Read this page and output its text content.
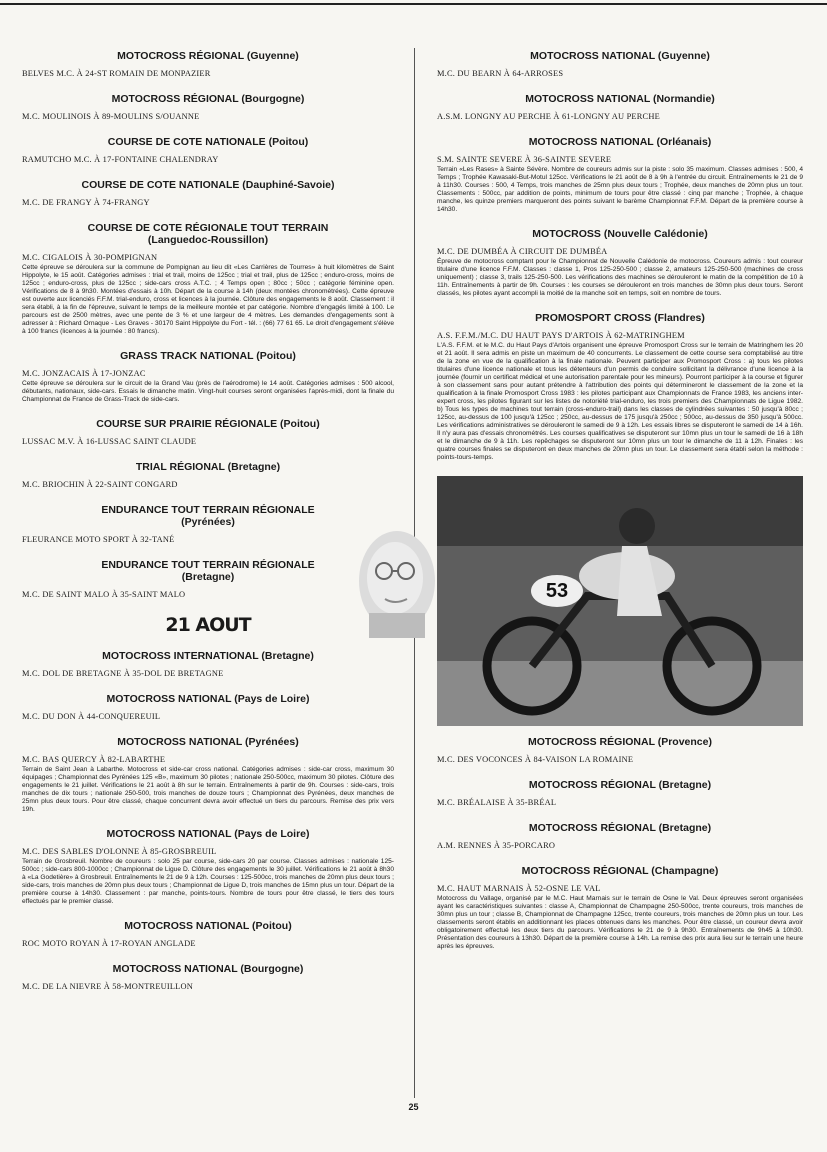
MOTOCROSS RÉGIONAL (Guyenne)
BELVES M.C. À 24-ST ROMAIN DE MONPAZIER
MOTOCROSS RÉGIONAL (Bourgogne)
M.C. MOULINOIS À 89-MOULINS S/OUANNE
COURSE DE COTE NATIONALE (Poitou)
RAMUTCHO M.C. À 17-FONTAINE CHALENDRAY
COURSE DE COTE NATIONALE (Dauphiné-Savoie)
M.C. DE FRANGY À 74-FRANGY
COURSE DE COTE RÉGIONALE TOUT TERRAIN
(Languedoc-Roussillon)
M.C. CIGALOIS À 30-POMPIGNAN
Cette épreuve se déroulera sur la commune de Pompignan au lieu dit «Les Carrières de Tourres» à huit kilomètres de Saint Hippolyte, le 15 août. Catégories admises : trial et trail, moins de 125cc ; trial et trail, plus de 125cc ; enduro-cross, moins de 125cc ; enduro-cross, plus de 125cc ; side-cars cross A.T.C. ; 4 Temps open ; 80cc ; 50cc ; catégorie féminine open. Vérifications de 8 à 9h30. Montées d'essais à 10h. Départ de la course à 14h (deux montées chronométrées). Cette épreuve est ouverte aux licenciés F.F.M. trial-enduro, cross et licences à la journée. Clôture des engagements le 8 août. Classement : il sera établi, à la fin de l'épreuve, suivant le temps de la meilleure montée et par catégorie. Nombre d'engagés limité à 100. Le parcours est de 2500 mètres, avec une pente de 3 % et une largeur de 4 mètres. Les demandes d'engagements sont à adresser à : Richard Ornaque - Les Graves - 30170 Saint Hippolyte du Fort - tél. : (66) 77 61 65. Le droit d'engagement s'élève à 100 francs (licences à la journée : 80 francs).
GRASS TRACK NATIONAL (Poitou)
M.C. JONZACAIS À 17-JONZAC
Cette épreuve se déroulera sur le circuit de la Grand Vau (près de l'aérodrome) le 14 août. Catégories admises : 500 alcool, débutants, nationaux, side-cars. Essais le dimanche matin. Vingt-huit courses seront organisées l'après-midi, dont la finale du Championnat de France de Grass-Track de side-cars.
COURSE SUR PRAIRIE RÉGIONALE (Poitou)
LUSSAC M.V. À 16-LUSSAC SAINT CLAUDE
TRIAL RÉGIONAL (Bretagne)
M.C. BRIOCHIN À 22-SAINT CONGARD
ENDURANCE TOUT TERRAIN RÉGIONALE
(Pyrénées)
FLEURANCE MOTO SPORT À 32-TANÉ
ENDURANCE TOUT TERRAIN RÉGIONALE
(Bretagne)
M.C. DE SAINT MALO À 35-SAINT MALO
21 AOUT
MOTOCROSS INTERNATIONAL (Bretagne)
M.C. DOL DE BRETAGNE À 35-DOL DE BRETAGNE
MOTOCROSS NATIONAL (Pays de Loire)
M.C. DU DON À 44-CONQUEREUIL
MOTOCROSS NATIONAL (Pyrénées)
M.C. BAS QUERCY À 82-LABARTHE
Terrain de Saint Jean à Labarthe. Motocross et side-car cross national. Catégories admises : side-car cross, maximum 30 équipages ; Championnat des Pyrénées 125 «B», maximum 30 pilotes ; nationale 250-500cc, maximum 30 pilotes. Clôture des engagements le 21 juillet. Vérifications le 21 août à 8h sur le terrain. Entraînements à partir de 9h. Courses : side-cars, trois manches de dix tours ; nationale 250-500, trois manches de douze tours ; Championnat des Pyrénées, deux manches de 25mn plus deux tours. Pour être classé, chaque concurrent devra avoir effectué un tiers du parcours. Remise des prix vers 19h.
MOTOCROSS NATIONAL (Pays de Loire)
M.C. DES SABLES D'OLONNE À 85-GROSBREUIL
Terrain de Grosbreuil. Nombre de coureurs : solo 25 par course, side-cars 20 par course. Classes admises : nationale 125-500cc ; side-cars 800-1000cc ; Championnat de Ligue D. Clôture des engagements le 30 juillet. Vérifications le 21 août à 8h30 à «La Godetière» à Grosbreuil. Entraînements le 21 de 9 à 12h. Courses : 125-500cc, trois manches de 20mn plus deux tours ; side-cars, trois manches de 20mn plus deux tours ; Championnat de Ligue D, trois manches de 15mn plus un tour. Départ de la première course à 14h30. Classement : par manche, points-tours. Nombre de tours pour être classé, le tiers des tours effectués par le premier classé.
MOTOCROSS NATIONAL (Poitou)
ROC MOTO ROYAN À 17-ROYAN ANGLADE
MOTOCROSS NATIONAL (Bourgogne)
M.C. DE LA NIEVRE À 58-MONTREUILLON
MOTOCROSS NATIONAL (Guyenne)
M.C. DU BEARN À 64-ARROSES
MOTOCROSS NATIONAL (Normandie)
A.S.M. LONGNY AU PERCHE À 61-LONGNY AU PERCHE
MOTOCROSS NATIONAL (Orléanais)
S.M. SAINTE SEVERE À 36-SAINTE SEVERE
Terrain «Les Rases» à Sainte Sévère. Nombre de coureurs admis sur la piste : solo 35 maximum. Classes admises : 500, 4 Temps ; Trophée Kawasaki-But-Motul 125cc. Vérifications le 21 août de 8 à 9h à l'entrée du circuit. Entraînements le 21 de 9 à 11h30. Courses : 500, 4 Temps, trois manches de 25mn plus deux tours ; Trophée, deux manches de 20mn plus un tour. Classements : 500cc, par addition de points, minimum de tours pour être classé : cinq par manche ; Trophée, à chaque manche, les quinze premiers marqueront des points suivant le barème Championnat F.F.M. Départ de la première course à 14h30.
MOTOCROSS (Nouvelle Calédonie)
M.C. DE DUMBÉA À CIRCUIT DE DUMBÉA
Épreuve de motocross comptant pour le Championnat de Nouvelle Calédonie de motocross. Coureurs admis : tout coureur titulaire d'une licence F.F.M. Classes : classe 1, Pros 125-250-500 ; classe 2, amateurs 125-250-500 (machines de cross uniquement) ; classe 3, trails 125-250-500. Les vérifications des machines se dérouleront le matin de la compétition de 10 à 11h. Entraînements à partir de 9h. Courses : les courses se dérouleront en trois manches de 30mn plus deux tours. Seront classés, les pilotes ayant accompli la moitié de la manche soit en temps, soit en nombre de tours.
PROMOSPORT CROSS (Flandres)
A.S. F.F.M./M.C. DU HAUT PAYS D'ARTOIS À 62-MATRINGHEM
L'A.S. F.F.M. et le M.C. du Haut Pays d'Artois organisent une épreuve Promosport Cross sur le terrain de Matringhem les 20 et 21 août. Il sera admis en piste un maximum de 40 concurrents. Le classement de cette course sera comptabilisé au titre de la zone en vue de la qualification à la finale nationale. Peuvent participer aux Promosport Cross : a) tous les pilotes titulaires d'une licence nationale et tous les détenteurs d'un permis de conduire sollicitant la délivrance d'une licence à la journée (fournir un certificat médical et une autorisation parentale pour les mineurs). Pourront participer à la course et figurer à son classement sans pour autant prétendre à l'attribution des points qui détermineront le classement de la zone et la qualification à la finale Promosport Cross 1983 : les pilotes participant aux Championnats de France 1983, les anciens inter-expert cross, les pilotes figurant sur les listes de notoriété trial-enduro, les trois premiers des Championnats de Ligue 1982. b) Tous les types de machines tout terrain (cross-enduro-trail) dans les classes de cylindrées suivantes : 50 jusqu'à 80cc ; 125cc, au-dessus de 100 jusqu'à 125cc ; 250cc, au-dessus de 175 jusqu'à 250cc ; 500cc, au-dessus de 350 jusqu'à 500cc. Les vérifications administratives se dérouleront le samedi de 9 à 12h. Les essais libres se disputeront le samedi de 14 à 16h. Il n'y aura pas d'essais chronométrés. Les courses qualificatives se disputeront sur 10mn plus un tour le samedi de 16 à 18h et le dimanche de 9 à 11h. Les repêchages se disputeront sur 10mn plus un tour le dimanche de 11 à 12h. Finales : les quatre courses finales se disputeront en deux manches de 20mn plus un tour. Le classement sera établi selon la méthode : points-tours-temps.
53
MOTOCROSS RÉGIONAL (Provence)
M.C. DES VOCONCES À 84-VAISON LA ROMAINE
MOTOCROSS RÉGIONAL (Bretagne)
M.C. BRÉALAISE À 35-BRÉAL
MOTOCROSS RÉGIONAL (Bretagne)
A.M. RENNES À 35-PORCARO
MOTOCROSS RÉGIONAL (Champagne)
M.C. HAUT MARNAIS À 52-OSNE LE VAL
Motocross du Vallage, organisé par le M.C. Haut Marnais sur le terrain de Osne le Val. Deux épreuves seront organisées ayant les caractéristiques suivantes : classe A, Championnat de Champagne 250-500cc, trente coureurs, trois manches de 30mn plus un tour ; classe B, Championnat de Champagne 125cc, trente coureurs, trois manches de 20mn plus un tour. Les classements seront établis en additionnant les places obtenues dans les manches. Pour être classé, un coureur devra avoir obligatoirement effectué les deux tiers du parcours. Vérifications le 21 de 9 à 9h30. Entraînements de 9h45 à 10h30. Présentation des coureurs à 13h30. Départ de la première course à 14h. La remise des prix aura lieu sur le terrain une heure après les épreuves.
25
